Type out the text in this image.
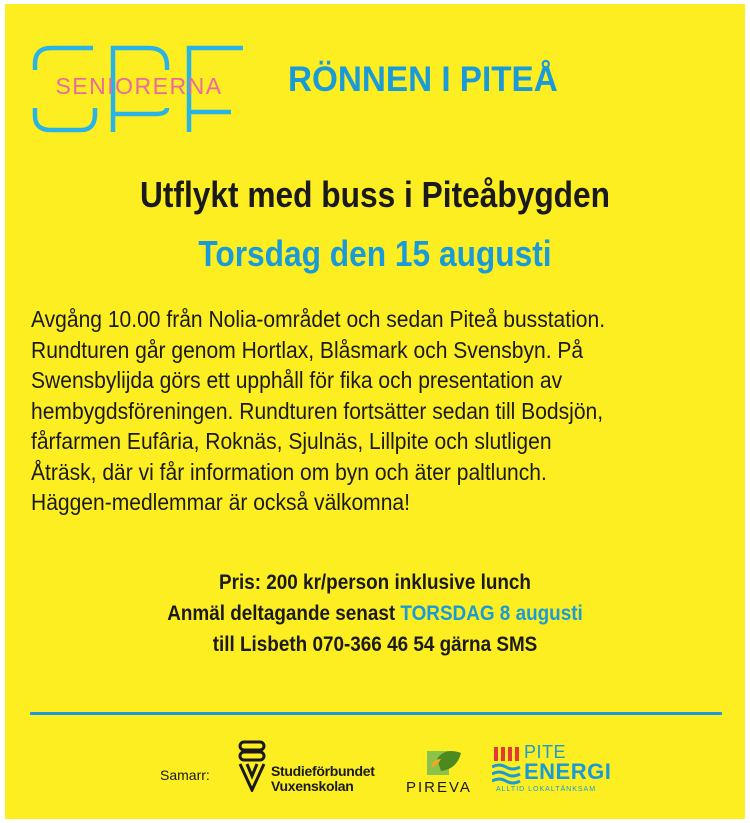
SENIORERNA	RÖNNEN I PITEÅ
Utflykt med buss i Piteåbygden
Torsdag den 15 augusti
Avgång 10.00 från Nolia-området och sedan Piteå busstation.
Rundturen går genom Hortlax, Blåsmark och Svensbyn. På
Swensbylijda görs ett upphåll för fika och presentation av
hembygdsföreningen. Rundturen fortsätter sedan till Bodsjön,
fårfarmen Eufâria, Roknäs, Sjulnäs, Lillpite och slutligen
Åträsk, där vi får information om byn och äter paltlunch.
Häggen-medlemmar är också välkomna!
Pris: 200 kr/person inklusive lunch
Anmäl deltagande senast TORSDAG 8 augusti
till Lisbeth 070-366 46 54 gärna SMS
Samarr:	Studieförbundet
Vuxenskolan	PIREVA
PITE
ENERGI
ALLTID LOKALTÄNKSAM
